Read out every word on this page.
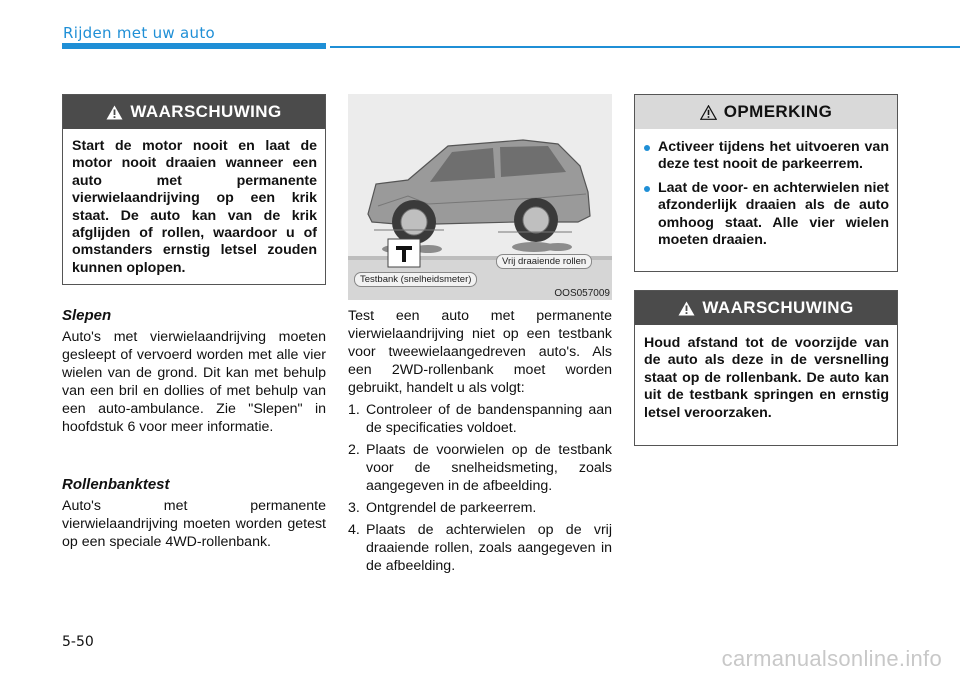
Rijden met uw auto
WAARSCHUWING
Start de motor nooit en laat de motor nooit draaien wanneer een auto met permanente vierwielaandrijving op een krik staat. De auto kan van de krik afglijden of rollen, waardoor u of omstanders ernstig letsel zouden kunnen oplopen.
Slepen
Auto's met vierwielaandrijving moeten gesleept of vervoerd worden met alle vier wielen van de grond. Dit kan met behulp van een bril en dollies of met behulp van een auto-ambulance. Zie "Slepen" in hoofdstuk 6 voor meer informatie.
Rollenbanktest
Auto's met permanente vierwielaandrijving moeten worden getest op een speciale 4WD-rollenbank.
Testbank (snelheidsmeter)
Vrij draaiende rollen
OOS057009
Test een auto met permanente vierwielaandrijving niet op een testbank voor tweewielaangedreven auto's. Als een 2WD-rollenbank moet worden gebruikt, handelt u als volgt:
1. Controleer of de bandenspanning aan de specificaties voldoet.
2. Plaats de voorwielen op de testbank voor de snelheidsmeting, zoals aangegeven in de afbeelding.
3. Ontgrendel de parkeerrem.
4. Plaats de achterwielen op de vrij draaiende rollen, zoals aangegeven in de afbeelding.
OPMERKING
Activeer tijdens het uitvoeren van deze test nooit de parkeerrem.
Laat de voor- en achterwielen niet afzonderlijk draaien als de auto omhoog staat. Alle vier wielen moeten draaien.
WAARSCHUWING
Houd afstand tot de voorzijde van de auto als deze in de versnelling staat op de rollenbank. De auto kan uit de testbank springen en ernstig letsel veroorzaken.
5-50
carmanualsonline.info
